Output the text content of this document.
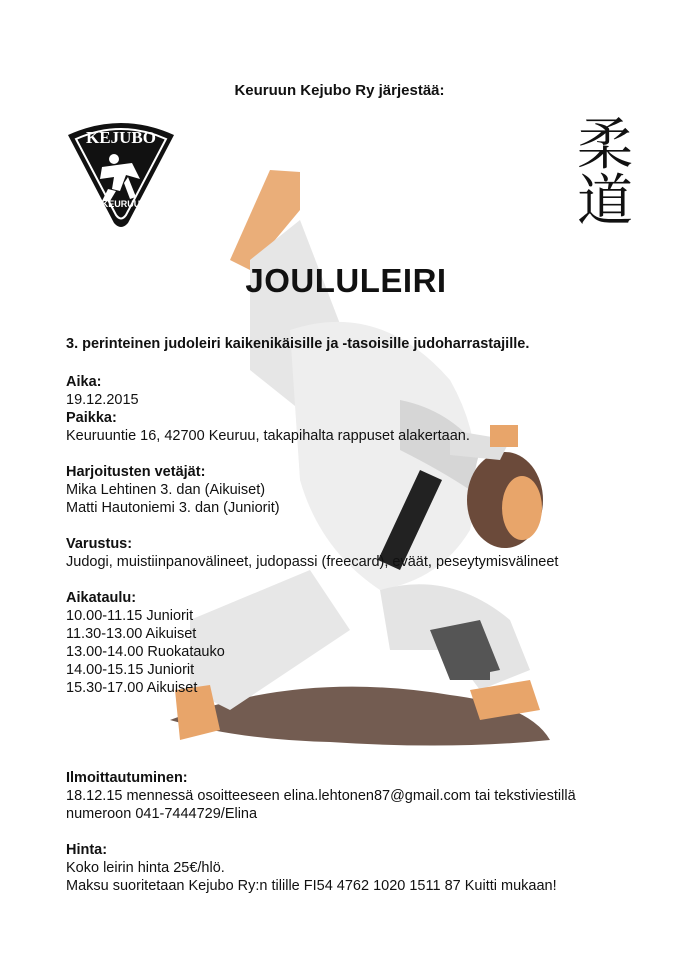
Keuruun Kejubo Ry järjestää:
KEJUBO
KEURUU
柔
道
JOULULEIRI
3. perinteinen judoleiri kaikenikäisille ja -tasoisille judoharrastajille.
Aika:
19.12.2015
Paikka:
Keuruuntie 16, 42700 Keuruu, takapihalta rappuset alakertaan.
Harjoitusten vetäjät:
Mika Lehtinen 3. dan (Aikuiset)
Matti Hautoniemi 3. dan (Juniorit)
Varustus:
Judogi, muistiinpanovälineet, judopassi (freecard), eväät, peseytymisvälineet
Aikataulu:
10.00-11.15 Juniorit
11.30-13.00 Aikuiset
13.00-14.00 Ruokatauko
14.00-15.15 Juniorit
15.30-17.00 Aikuiset
Ilmoittautuminen:
18.12.15 mennessä osoitteeseen elina.lehtonen87@gmail.com tai tekstiviestillä
numeroon 041-7444729/Elina
Hinta:
Koko leirin hinta 25€/hlö.
Maksu suoritetaan Kejubo Ry:n tilille FI54 4762 1020 1511 87 Kuitti mukaan!
